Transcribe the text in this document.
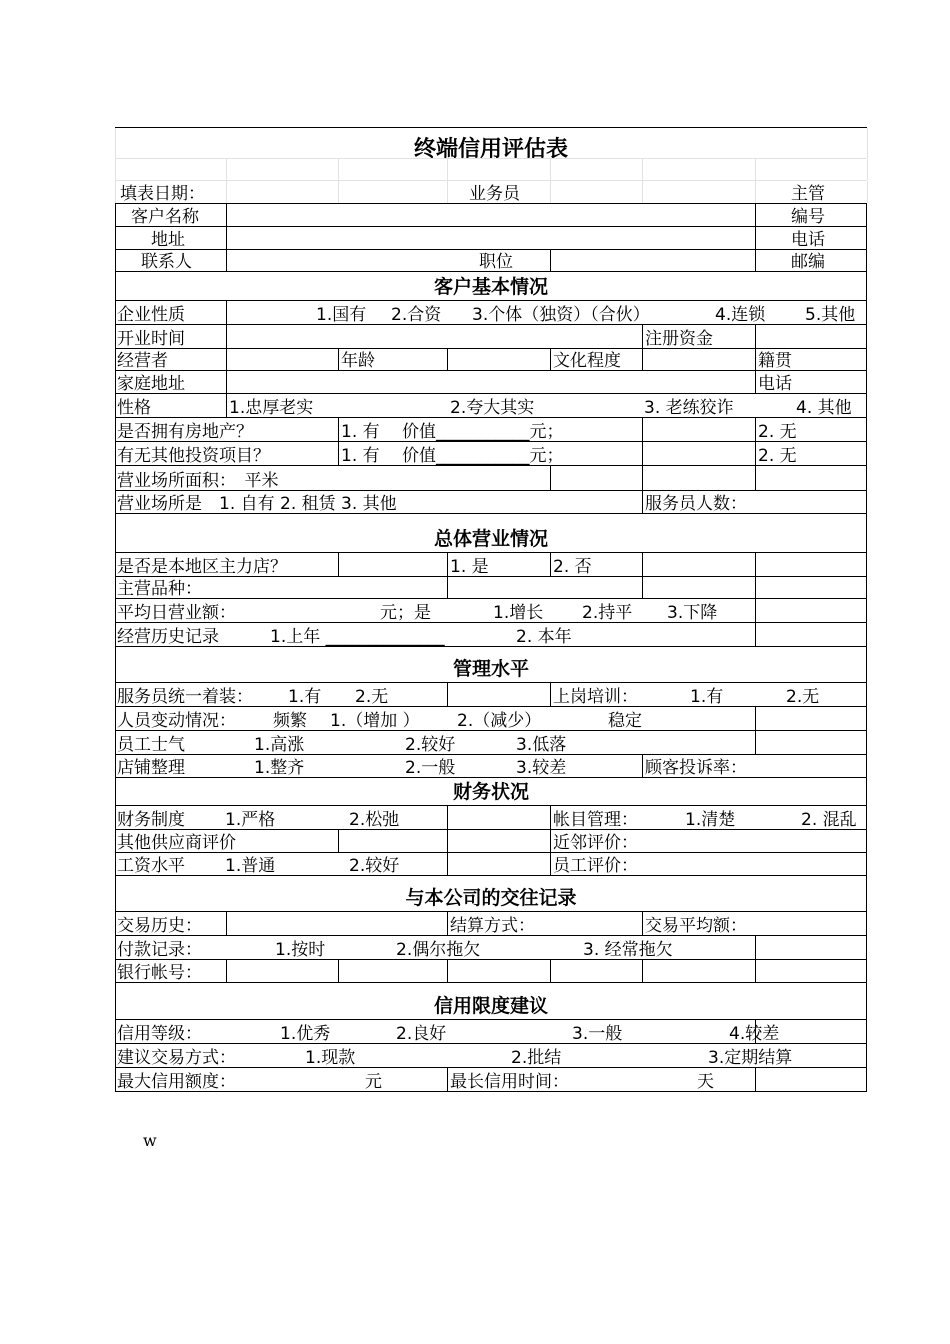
终端信用评估表
填表日期：	业务员	主管
客户名称	编号
地址	电话
联系人	职位	邮编
客户基本情况
企业性质	1.国有 2.合资 3.个体（独资）（合伙）	4.连锁 5.其他
开业时间	注册资金
经营者	年龄	文化程度	籍贯
家庭地址	电话
性格	1.忠厚老实	2.夸大其实	3. 老练狡诈	4. 其他
是否拥有房地产？	1. 有　 价值___________元；	2. 无
有无其他投资项目？	1. 有　 价值___________元；	2. 无
营业场所面积：　平米
营业场所是　1. 自有 2. 租赁 3. 其他	服务员人数：
总体营业情况
是否是本地区主力店？	1. 是	2. 否
主营品种：
平均日营业额：	元；是	1.增长 2.持平 3.下降
经营历史记录	1.上年 ______________	2. 本年
管理水平
服务员统一着装： 1.有 2.无	上岗培训：	1.有	2.无
人员变动情况： 频繁 1.（增加 ） 2.（减少）	稳定
员工士气	1.高涨	2.较好	3.低落
店铺整理	1.整齐	2.一般	3.较差	顾客投诉率：
财务状况
财务制度 1.严格	2.松弛	帐目管理：	1.清楚	2. 混乱
其他供应商评价	近邻评价：
工资水平 1.普通	2.较好	员工评价：
与本公司的交往记录
交易历史：	结算方式：	交易平均额：
付款记录：	1.按时	2.偶尔拖欠	3. 经常拖欠
银行帐号：
信用限度建议
信用等级：	1.优秀	2.良好	3.一般	4.较差
建议交易方式：	1.现款	2.批结	3.定期结算
最大信用额度：	元	最长信用时间：	天
w
